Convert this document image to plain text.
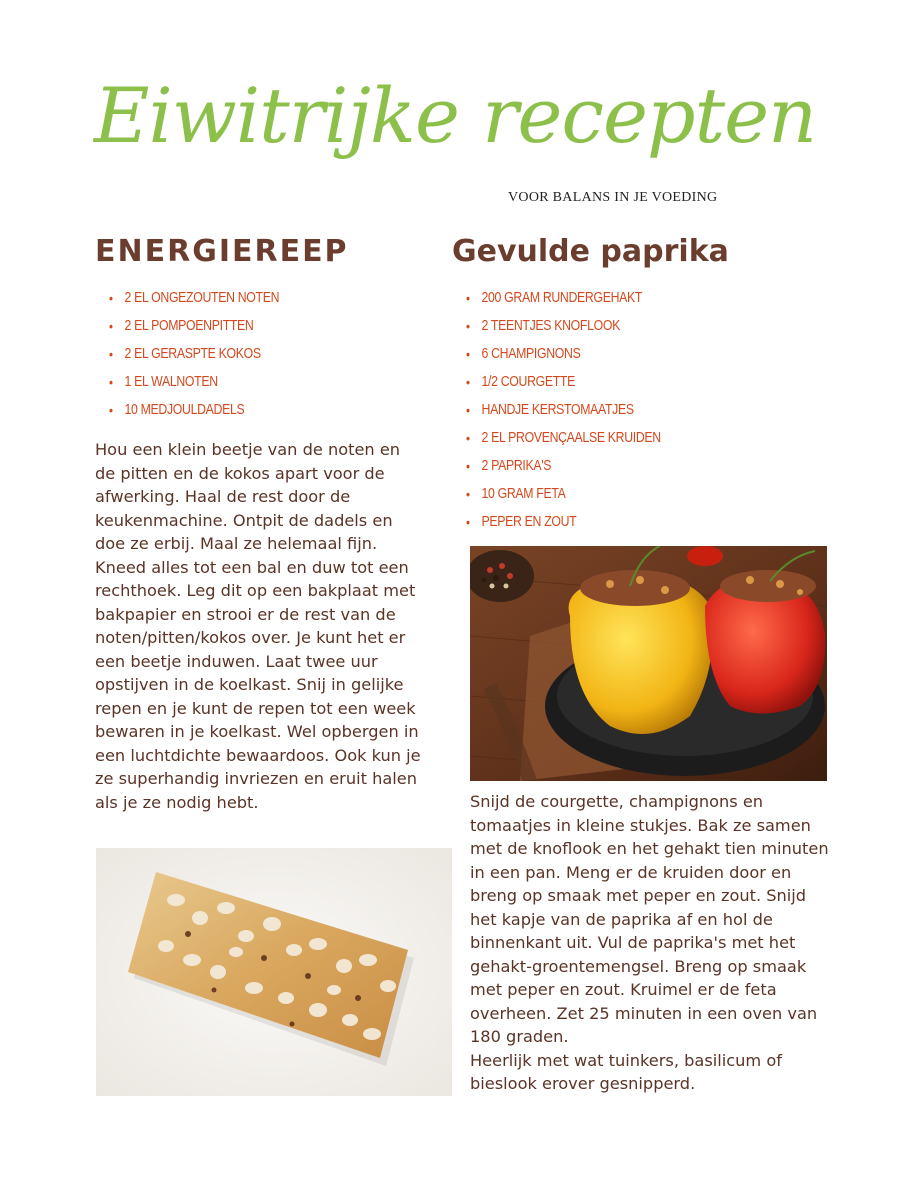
Eiwitrijke recepten
VOOR BALANS IN JE VOEDING
ENERGIEREEP
• 2 EL ONGEZOUTEN NOTEN
• 2 EL POMPOENPITTEN
• 2 EL GERASPTE KOKOS
• 1 EL WALNOTEN
• 10 MEDJOULDADELS

Hou een klein beetje van de noten en de pitten en de kokos apart voor de afwerking. Haal de rest door de keukenmachine. Ontpit de dadels en doe ze erbij. Maal ze helemaal fijn. Kneed alles tot een bal en duw tot een rechthoek. Leg dit op een bakplaat met bakpapier en strooi er de rest van de noten/pitten/kokos over. Je kunt het er een beetje induwen. Laat twee uur opstijven in de koelkast. Snij in gelijke repen en je kunt de repen tot een week bewaren in je koelkast. Wel opbergen in een luchtdichte bewaardoos. Ook kun je ze superhandig invriezen en eruit halen als je ze nodig hebt.

Gevulde paprika
• 200 GRAM RUNDERGEHAKT
• 2 TEENTJES KNOFLOOK
• 6 CHAMPIGNONS
• 1/2 COURGETTE
• HANDJE KERSTOMAATJES
• 2 EL PROVENÇAALSE KRUIDEN
• 2 PAPRIKA'S
• 10 GRAM FETA
• PEPER EN ZOUT

Snijd de courgette, champignons en tomaatjes in kleine stukjes. Bak ze samen met de knoflook en het gehakt tien minuten in een pan. Meng er de kruiden door en breng op smaak met peper en zout. Snijd het kapje van de paprika af en hol de binnenkant uit. Vul de paprika's met het gehakt-groentemengsel. Breng op smaak met peper en zout. Kruimel er de feta overheen. Zet 25 minuten in een oven van 180 graden.

Heerlijk met wat tuinkers, basilicum of bieslook erover gesnipperd.
